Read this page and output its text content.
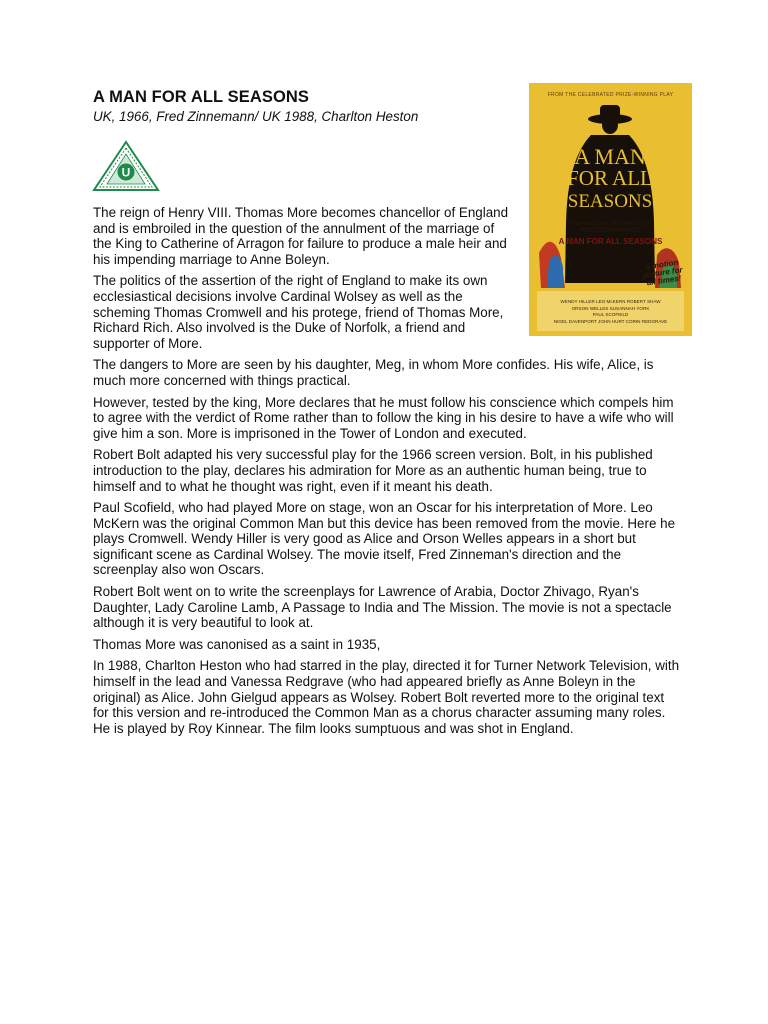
A MAN FOR ALL SEASONS
UK, 1966, Fred Zinnemann/ UK 1988, Charlton Heston
U
A MAN
FOR ALL
SEASONS
FROM THE CELEBRATED PRIZE-WINNING PLAY
From the play by ROBERT BOLT
FRED ZINNEMANN'S
A MAN FOR ALL SEASONS
a motion picture for all times!
WENDY HILLER LEO McKERN ROBERT SHAW
ORSON WELLES SUSANNAH YORK
PAUL SCOFIELD
NIGEL DAVENPORT JOHN HURT CORIN REDGRAVE

The reign of Henry VIII. Thomas More becomes chancellor of England and is embroiled in the question of the annulment of the marriage of the King to Catherine of Arragon for failure to produce a male heir and his impending marriage to Anne Boleyn.

The politics of the assertion of the right of England to make its own ecclesiastical decisions involve Cardinal Wolsey as well as the scheming Thomas Cromwell and his protege, friend of Thomas More, Richard Rich. Also involved is the Duke of Norfolk, a friend and supporter of More.

The dangers to More are seen by his daughter, Meg, in whom More confides. His wife, Alice, is much more concerned with things practical.

However, tested by the king, More declares that he must follow his conscience which compels him to agree with the verdict of Rome rather than to follow the king in his desire to have a wife who will give him a son. More is imprisoned in the Tower of London and executed.

Robert Bolt adapted his very successful play for the 1966 screen version. Bolt, in his published introduction to the play, declares his admiration for More as an authentic human being, true to himself and to what he thought was right, even if it meant his death.

Paul Scofield, who had played More on stage, won an Oscar for his interpretation of More. Leo McKern was the original Common Man but this device has been removed from the movie. Here he plays Cromwell. Wendy Hiller is very good as Alice and Orson Welles appears in a short but significant scene as Cardinal Wolsey. The movie itself, Fred Zinneman's direction and the screenplay also won Oscars.

Robert Bolt went on to write the screenplays for Lawrence of Arabia, Doctor Zhivago, Ryan's Daughter, Lady Caroline Lamb, A Passage to India and The Mission. The movie is not a spectacle although it is very beautiful to look at.

Thomas More was canonised as a saint in 1935,

In 1988, Charlton Heston who had starred in the play, directed it for Turner Network Television, with himself in the lead and Vanessa Redgrave (who had appeared briefly as Anne Boleyn in the original) as Alice. John Gielgud appears as Wolsey. Robert Bolt reverted more to the original text for this version and re-introduced the Common Man as a chorus character assuming many roles. He is played by Roy Kinnear. The film looks sumptuous and was shot in England.
